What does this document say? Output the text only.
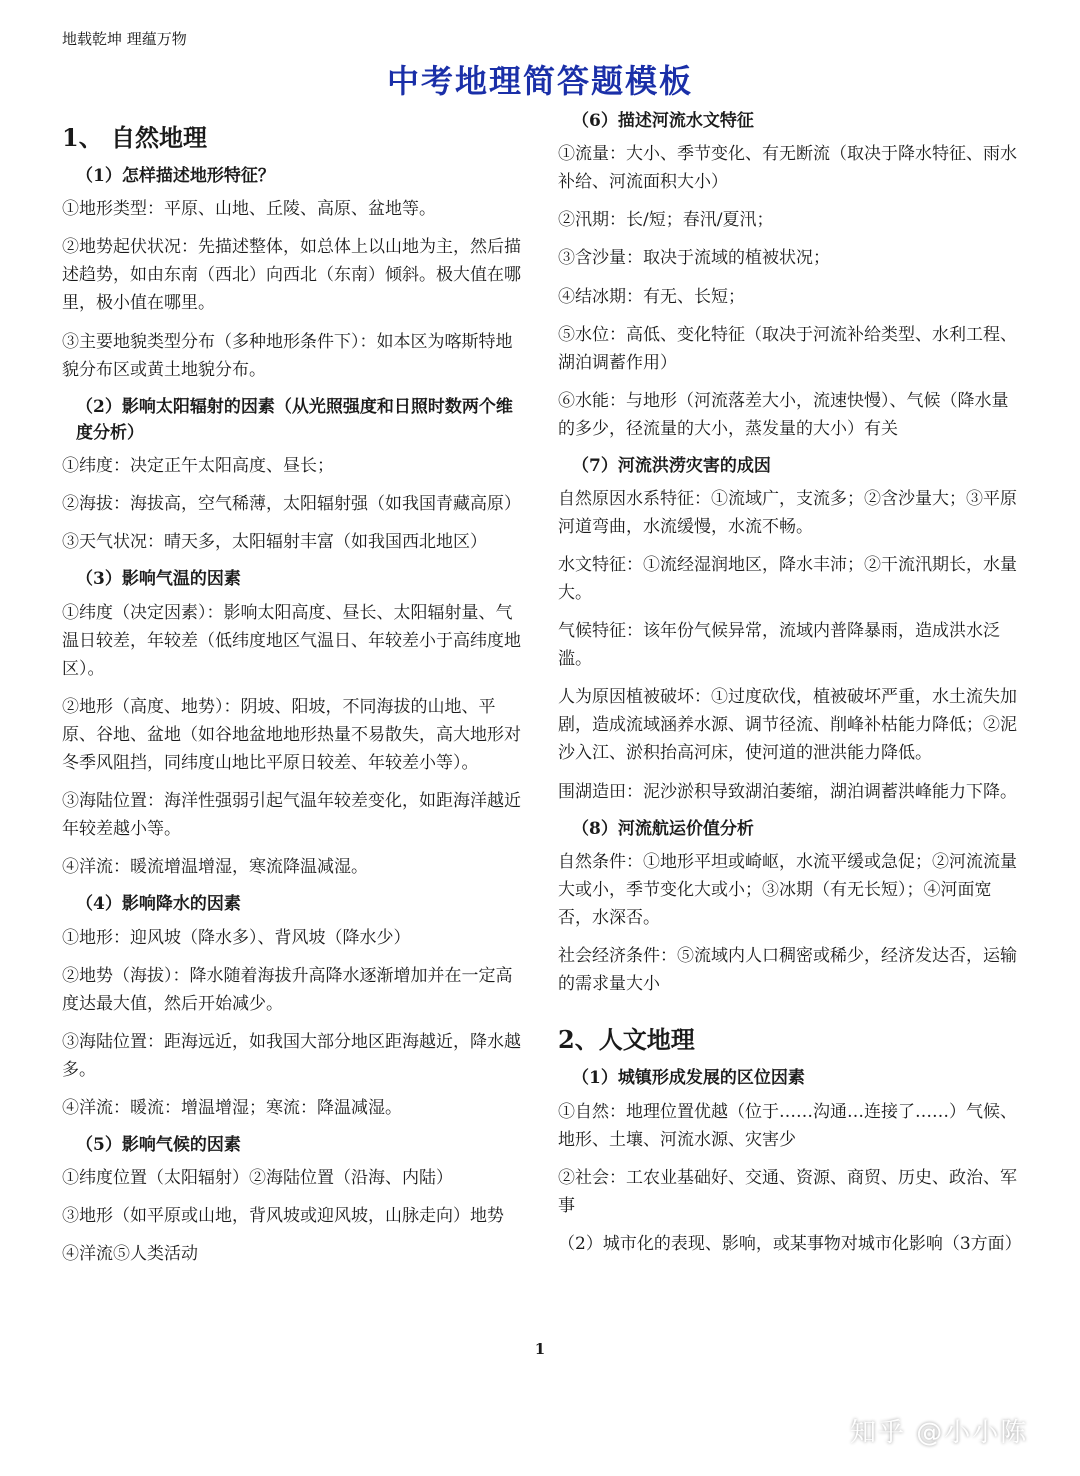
地载乾坤 理蕴万物
中考地理简答题模板
1、 自然地理
（1）怎样描述地形特征？
①地形类型：平原、山地、丘陵、高原、盆地等。
②地势起伏状况：先描述整体，如总体上以山地为主，然后描述趋势，如由东南（西北）向西北（东南）倾斜。极大值在哪里，极小值在哪里。
③主要地貌类型分布（多种地形条件下）：如本区为喀斯特地貌分布区或黄土地貌分布。
（2）影响太阳辐射的因素（从光照强度和日照时数两个维度分析）
①纬度：决定正午太阳高度、昼长；
②海拔：海拔高，空气稀薄，太阳辐射强（如我国青藏高原）
③天气状况：晴天多，太阳辐射丰富（如我国西北地区）
（3）影响气温的因素
①纬度（决定因素）：影响太阳高度、昼长、太阳辐射量、气温日较差，年较差（低纬度地区气温日、年较差小于高纬度地区）。
②地形（高度、地势）：阴坡、阳坡，不同海拔的山地、平原、谷地、盆地（如谷地盆地地形热量不易散失，高大地形对冬季风阻挡，同纬度山地比平原日较差、年较差小等）。
③海陆位置：海洋性强弱引起气温年较差变化，如距海洋越近年较差越小等。
④洋流：暖流增温增湿，寒流降温减湿。
（4）影响降水的因素
①地形：迎风坡（降水多）、背风坡（降水少）
②地势（海拔）：降水随着海拔升高降水逐渐增加并在一定高度达最大值，然后开始减少。
③海陆位置：距海远近，如我国大部分地区距海越近，降水越多。
④洋流：暖流：增温增湿；寒流：降温减湿。
（5）影响气候的因素
①纬度位置（太阳辐射）②海陆位置（沿海、内陆）
③地形（如平原或山地，背风坡或迎风坡，山脉走向）地势
④洋流⑤人类活动
（6）描述河流水文特征
①流量：大小、季节变化、有无断流（取决于降水特征、雨水补给、河流面积大小）
②汛期：长/短；春汛/夏汛；
③含沙量：取决于流域的植被状况；
④结冰期：有无、长短；
⑤水位：高低、变化特征（取决于河流补给类型、水利工程、湖泊调蓄作用）
⑥水能：与地形（河流落差大小，流速快慢）、气候（降水量的多少，径流量的大小，蒸发量的大小）有关
（7）河流洪涝灾害的成因
自然原因水系特征：①流域广，支流多；②含沙量大；③平原河道弯曲，水流缓慢，水流不畅。
水文特征：①流经湿润地区，降水丰沛；②干流汛期长，水量大。
气候特征：该年份气候异常，流域内普降暴雨，造成洪水泛滥。
人为原因植被破坏：①过度砍伐，植被破坏严重，水土流失加剧，造成流域涵养水源、调节径流、削峰补枯能力降低；②泥沙入江、淤积抬高河床，使河道的泄洪能力降低。
围湖造田：泥沙淤积导致湖泊萎缩，湖泊调蓄洪峰能力下降。
（8）河流航运价值分析
自然条件：①地形平坦或崎岖，水流平缓或急促；②河流流量大或小，季节变化大或小；③冰期（有无长短）；④河面宽否，水深否。
社会经济条件：⑤流域内人口稠密或稀少，经济发达否，运输的需求量大小
2、人文地理
（1）城镇形成发展的区位因素
①自然：地理位置优越（位于……沟通…连接了……）气候、地形、土壤、河流水源、灾害少
②社会：工农业基础好、交通、资源、商贸、历史、政治、军事
（2）城市化的表现、影响，或某事物对城市化影响（3方面）
1
知乎 @小小陈
